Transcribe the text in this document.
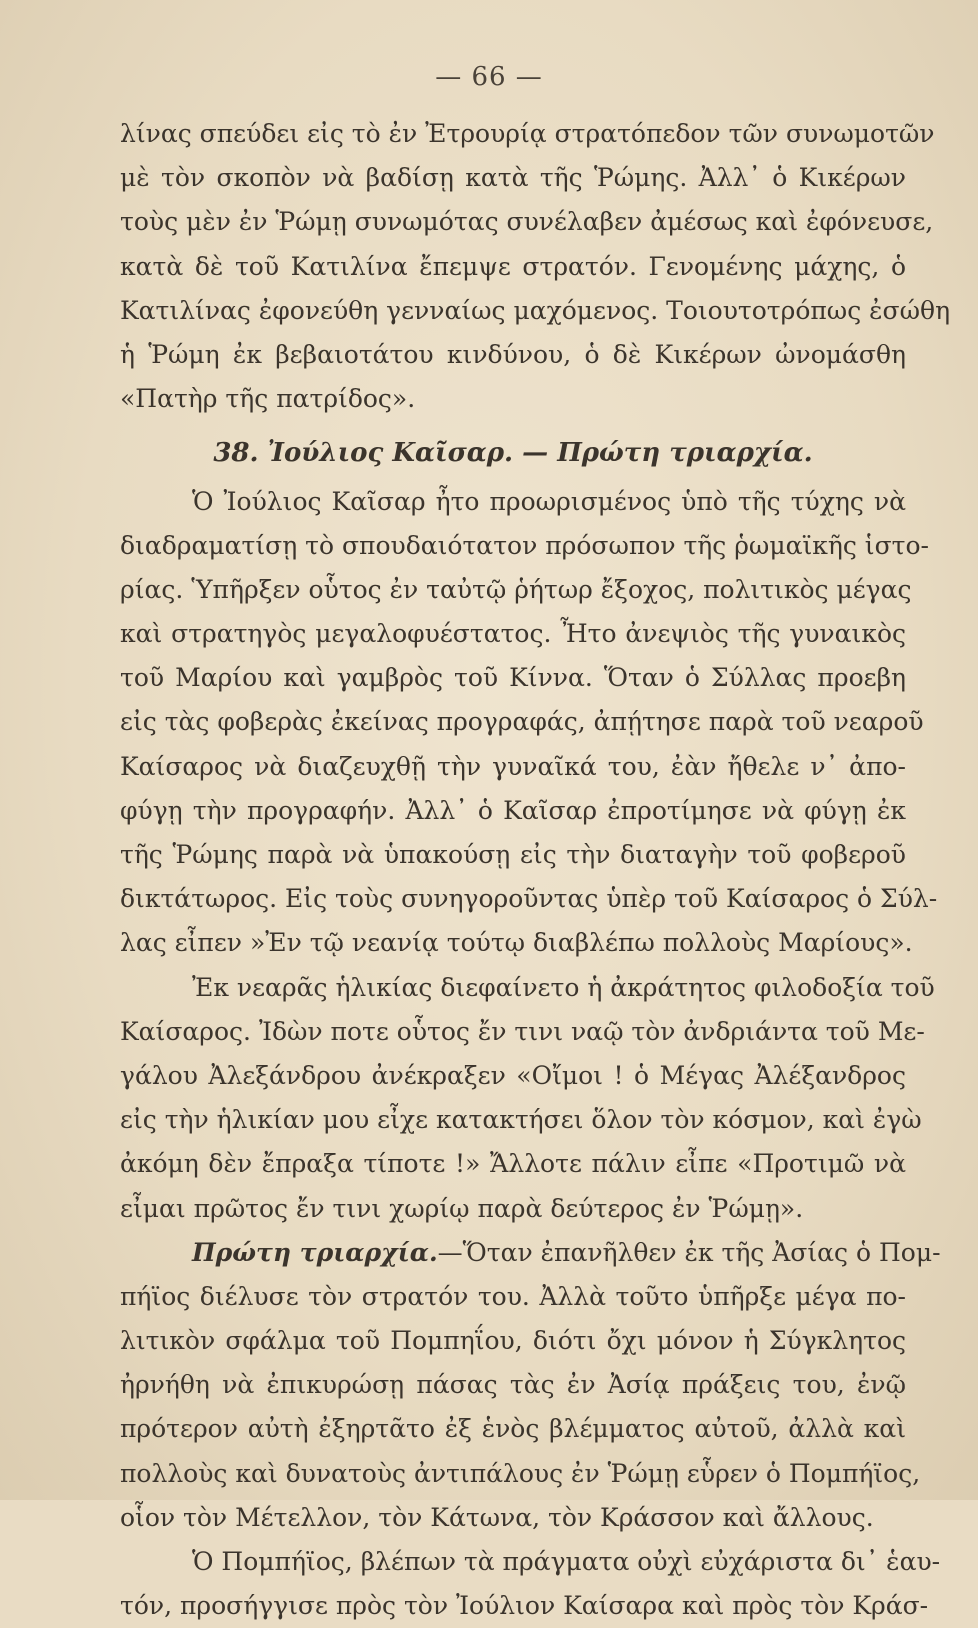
— 66 —
λίνας σπεύδει εἰς τὸ ἐν Ἐτρουρίᾳ στρατόπεδον τῶν συνωμοτῶν
μὲ τὸν σκοπὸν νὰ βαδίσῃ κατὰ τῆς Ῥώμης. Ἀλλ᾽ ὁ Κικέρων
τοὺς μὲν ἐν Ῥώμῃ συνωμότας συνέλαβεν ἀμέσως καὶ ἐφόνευσε,
κατὰ δὲ τοῦ Κατιλίνα ἔπεμψε στρατόν. Γενομένης μάχης, ὁ
Κατιλίνας ἐφονεύθη γενναίως μαχόμενος. Τοιουτοτρόπως ἐσώθη
ἡ Ῥώμη ἐκ βεβαιοτάτου κινδύνου, ὁ δὲ Κικέρων ὠνομάσθη
«Πατὴρ τῆς πατρίδος».
38. Ἰούλιος Καῖσαρ. — Πρώτη τριαρχία.
Ὁ Ἰούλιος Καῖσαρ ἦτο προωρισμένος ὑπὸ τῆς τύχης νὰ
διαδραματίσῃ τὸ σπουδαιότατον πρόσωπον τῆς ῥωμαϊκῆς ἱστο-
ρίας. Ὑπῆρξεν οὗτος ἐν ταὐτῷ ῥήτωρ ἔξοχος, πολιτικὸς μέγας
καὶ στρατηγὸς μεγαλοφυέστατος. Ἦτο ἀνεψιὸς τῆς γυναικὸς
τοῦ Μαρίου καὶ γαμβρὸς τοῦ Κίννα. Ὅταν ὁ Σύλλας προεβη
εἰς τὰς φοβερὰς ἐκείνας προγραφάς, ἀπῄτησε παρὰ τοῦ νεαροῦ
Καίσαρος νὰ διαζευχθῇ τὴν γυναῖκά του, ἐὰν ἤθελε ν᾽ ἀπο-
φύγῃ τὴν προγραφήν. Ἀλλ᾽ ὁ Καῖσαρ ἐπροτίμησε νὰ φύγῃ ἐκ
τῆς Ῥώμης παρὰ νὰ ὑπακούσῃ εἰς τὴν διαταγὴν τοῦ φοβεροῦ
δικτάτωρος. Εἰς τοὺς συνηγοροῦντας ὑπὲρ τοῦ Καίσαρος ὁ Σύλ-
λας εἶπεν »Ἐν τῷ νεανίᾳ τούτῳ διαβλέπω πολλοὺς Μαρίους».
Ἐκ νεαρᾶς ἡλικίας διεφαίνετο ἡ ἀκράτητος φιλοδοξία τοῦ
Καίσαρος. Ἰδὼν ποτε οὗτος ἔν τινι ναῷ τὸν ἀνδριάντα τοῦ Με-
γάλου Ἀλεξάνδρου ἀνέκραξεν «Οἴμοι ! ὁ Μέγας Ἀλέξανδρος
εἰς τὴν ἡλικίαν μου εἶχε κατακτήσει ὅλον τὸν κόσμον, καὶ ἐγὼ
ἀκόμη δὲν ἔπραξα τίποτε !» Ἄλλοτε πάλιν εἶπε «Προτιμῶ νὰ
εἶμαι πρῶτος ἔν τινι χωρίῳ παρὰ δεύτερος ἐν Ῥώμῃ».
Πρώτη τριαρχία.—Ὅταν ἐπανῆλθεν ἐκ τῆς Ἀσίας ὁ Πομ-
πήϊος διέλυσε τὸν στρατόν του. Ἀλλὰ τοῦτο ὑπῆρξε μέγα πο-
λιτικὸν σφάλμα τοῦ Πομπηΐου, διότι ὄχι μόνον ἡ Σύγκλητος
ἠρνήθη νὰ ἐπικυρώσῃ πάσας τὰς ἐν Ἀσίᾳ πράξεις του, ἐνῷ
πρότερον αὐτὴ ἐξηρτᾶτο ἐξ ἑνὸς βλέμματος αὐτοῦ, ἀλλὰ καὶ
πολλοὺς καὶ δυνατοὺς ἀντιπάλους ἐν Ῥώμῃ εὗρεν ὁ Πομπήϊος,
οἷον τὸν Μέτελλον, τὸν Κάτωνα, τὸν Κράσσον καὶ ἄλλους.
Ὁ Πομπήϊος, βλέπων τὰ πράγματα οὐχὶ εὐχάριστα δι᾽ ἑαυ-
τόν, προσήγγισε πρὸς τὸν Ἰούλιον Καίσαρα καὶ πρὸς τὸν Κράσ-
